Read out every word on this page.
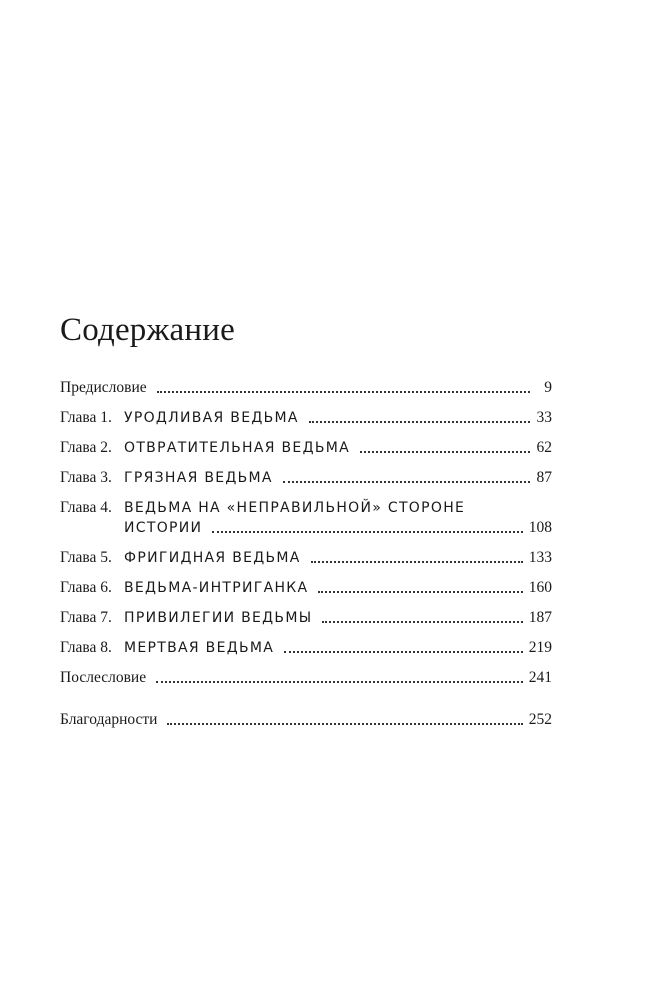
Содержание
Предисловие	9
Глава 1. УРОДЛИВАЯ ВЕДЬМА	33
Глава 2. ОТВРАТИТЕЛЬНАЯ ВЕДЬМА	62
Глава 3. ГРЯЗНАЯ ВЕДЬМА	87
Глава 4. ВЕДЬМА НА «НЕПРАВИЛЬНОЙ» СТОРОНЕ
ИСТОРИИ	108
Глава 5. ФРИГИДНАЯ ВЕДЬМА	133
Глава 6. ВЕДЬМА-ИНТРИГАНКА	160
Глава 7. ПРИВИЛЕГИИ ВЕДЬМЫ	187
Глава 8. МЕРТВАЯ ВЕДЬМА	219
Послесловие	241
Благодарности	252
